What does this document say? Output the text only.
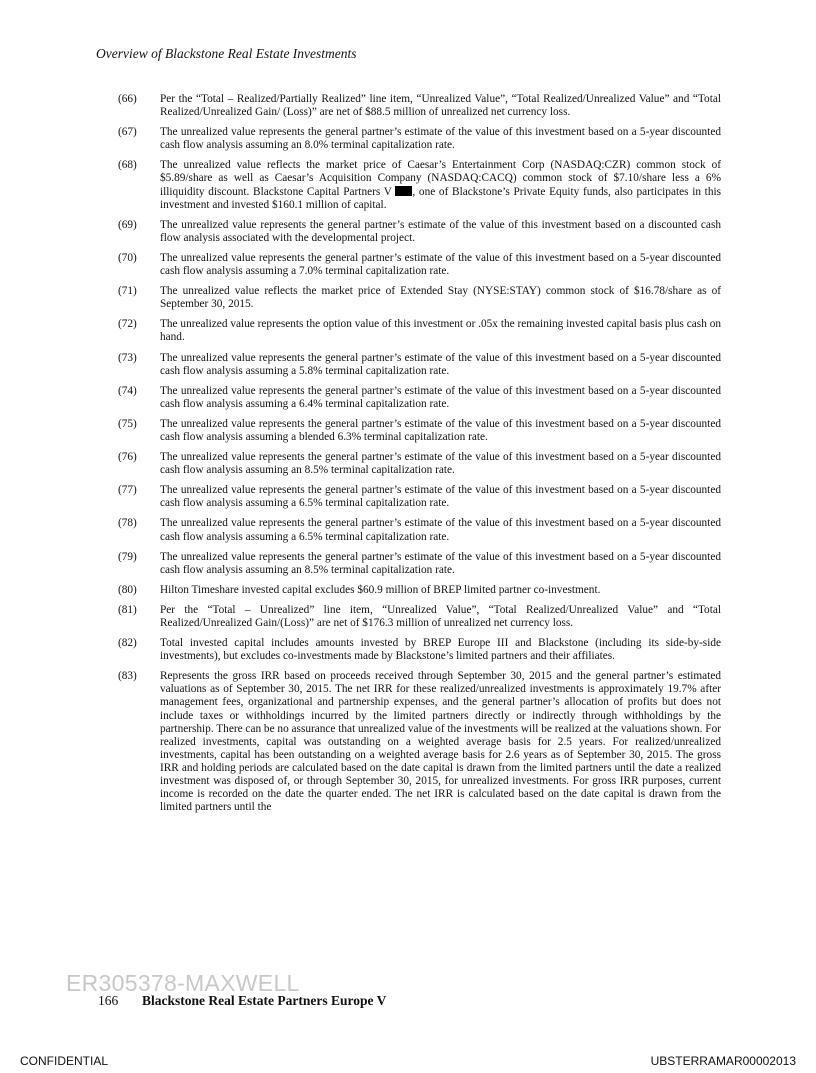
Overview of Blackstone Real Estate Investments
(66)	Per the “Total – Realized/Partially Realized” line item, “Unrealized Value”, “Total Realized/Unrealized Value” and “Total Realized/Unrealized Gain/ (Loss)” are net of $88.5 million of unrealized net currency loss.
(67)	The unrealized value represents the general partner’s estimate of the value of this investment based on a 5-year discounted cash flow analysis assuming an 8.0% terminal capitalization rate.
(68)	The unrealized value reflects the market price of Caesar’s Entertainment Corp (NASDAQ:CZR) common stock of $5.89/share as well as Caesar’s Acquisition Company (NASDAQ:CACQ) common stock of $7.10/share less a 6% illiquidity discount. Blackstone Capital Partners V , one of Blackstone’s Private Equity funds, also participates in this investment and invested $160.1 million of capital.
(69)	The unrealized value represents the general partner’s estimate of the value of this investment based on a discounted cash flow analysis associated with the developmental project.
(70)	The unrealized value represents the general partner’s estimate of the value of this investment based on a 5-year discounted cash flow analysis assuming a 7.0% terminal capitalization rate.
(71)	The unrealized value reflects the market price of Extended Stay (NYSE:STAY) common stock of $16.78/share as of September 30, 2015.
(72)	The unrealized value represents the option value of this investment or .05x the remaining invested capital basis plus cash on hand.
(73)	The unrealized value represents the general partner’s estimate of the value of this investment based on a 5-year discounted cash flow analysis assuming a 5.8% terminal capitalization rate.
(74)	The unrealized value represents the general partner’s estimate of the value of this investment based on a 5-year discounted cash flow analysis assuming a 6.4% terminal capitalization rate.
(75)	The unrealized value represents the general partner’s estimate of the value of this investment based on a 5-year discounted cash flow analysis assuming a blended 6.3% terminal capitalization rate.
(76)	The unrealized value represents the general partner’s estimate of the value of this investment based on a 5-year discounted cash flow analysis assuming an 8.5% terminal capitalization rate.
(77)	The unrealized value represents the general partner’s estimate of the value of this investment based on a 5-year discounted cash flow analysis assuming a 6.5% terminal capitalization rate.
(78)	The unrealized value represents the general partner’s estimate of the value of this investment based on a 5-year discounted cash flow analysis assuming a 6.5% terminal capitalization rate.
(79)	The unrealized value represents the general partner’s estimate of the value of this investment based on a 5-year discounted cash flow analysis assuming an 8.5% terminal capitalization rate.
(80)	Hilton Timeshare invested capital excludes $60.9 million of BREP limited partner co-investment.
(81)	Per the “Total – Unrealized” line item, “Unrealized Value”, “Total Realized/Unrealized Value” and “Total Realized/Unrealized Gain/(Loss)” are net of $176.3 million of unrealized net currency loss.
(82)	Total invested capital includes amounts invested by BREP Europe III and Blackstone (including its side-by-side investments), but excludes co-investments made by Blackstone’s limited partners and their affiliates.
(83)	Represents the gross IRR based on proceeds received through September 30, 2015 and the general partner’s estimated valuations as of September 30, 2015. The net IRR for these realized/unrealized investments is approximately 19.7% after management fees, organizational and partnership expenses, and the general partner’s allocation of profits but does not include taxes or withholdings incurred by the limited partners directly or indirectly through withholdings by the partnership. There can be no assurance that unrealized value of the investments will be realized at the valuations shown. For realized investments, capital was outstanding on a weighted average basis for 2.5 years. For realized/unrealized investments, capital has been outstanding on a weighted average basis for 2.6 years as of September 30, 2015. The gross IRR and holding periods are calculated based on the date capital is drawn from the limited partners until the date a realized investment was disposed of, or through September 30, 2015, for unrealized investments. For gross IRR purposes, current income is recorded on the date the quarter ended. The net IRR is calculated based on the date capital is drawn from the limited partners until the
ER305378-MAXWELL
166 Blackstone Real Estate Partners Europe V
CONFIDENTIAL	UBSTERRAMAR00002013
